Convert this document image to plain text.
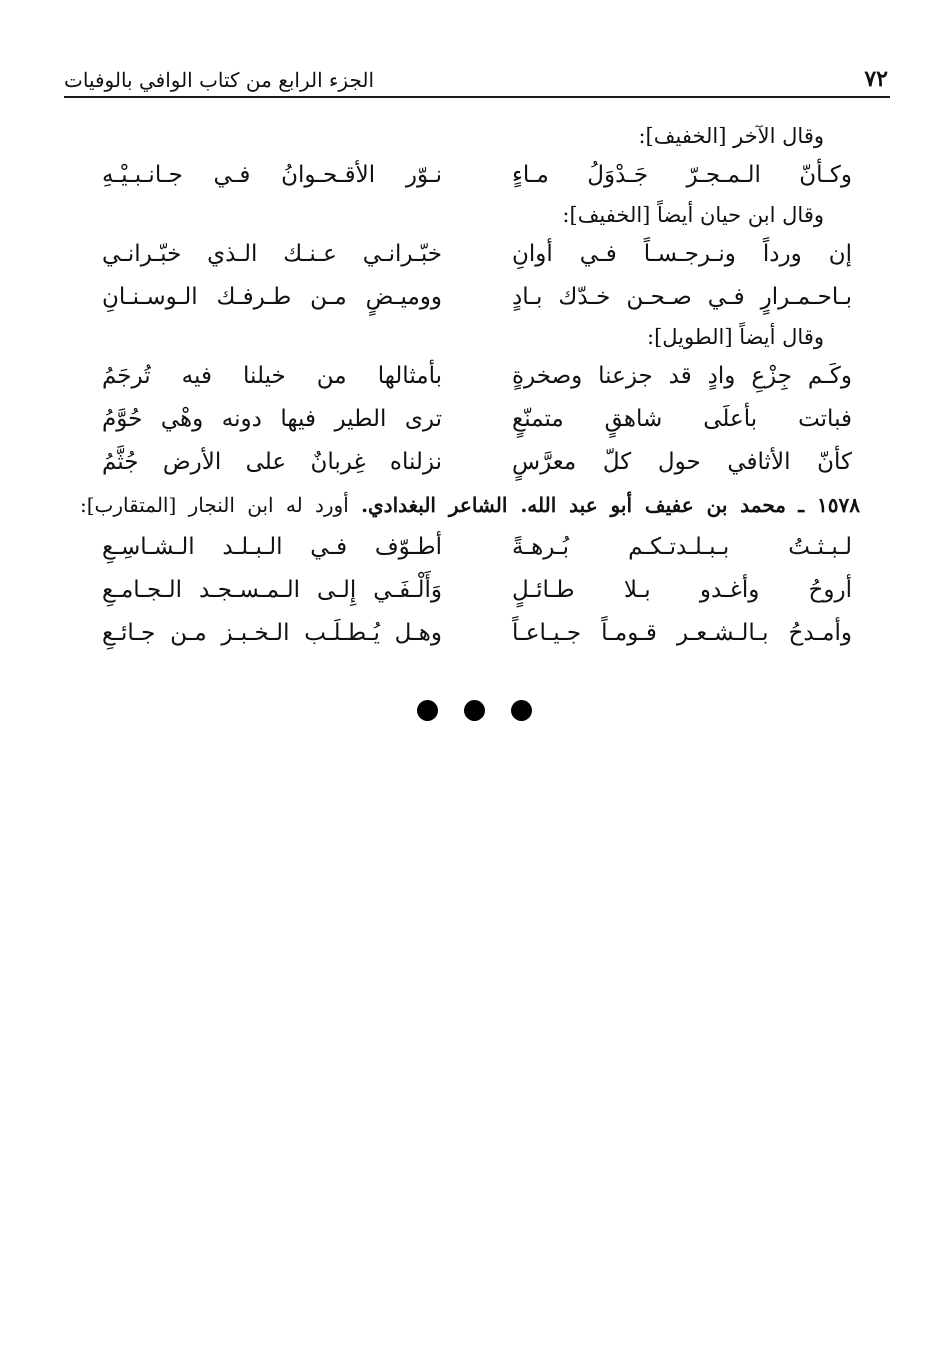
٧٢
الجزء الرابع من كتاب الوافي بالوفيات
وقال الآخر [الخفيف]:
وكـأنّ الـمـجـرّ جَـدْوَلُ مـاءٍ
نـوّر الأقـحـوانُ فـي جـانـبـيْـهِ
وقال ابن حيان أيضاً [الخفيف]:
إن ورداً ونـرجـسـاً فـي أوانِ
خبّـرانـي عـنـك الـذي خبّـرانـي
بـاحـمـرارٍ فـي صـحـن خـدّك بـادٍ
ووميـضٍ مـن طـرفـك الـوسـنـانِ
وقال أيضاً [الطويل]:
وكَـم جِزْعِ وادٍ قد جزعنا وصخرةٍ
بأمثالها من خيلنا فيه تُرجَمُ
فباتت بأعلَى شاهقٍ متمنّعٍ
ترى الطير فيها دونه وهْي حُوَّمُ
كأنّ الأثافي حول كلّ معرَّسٍ
نزلناه غِربانٌ على الأرض جُثَّمُ
١٥٧٨ ـ محمد بن عفيف أبو عبد الله. الشاعر البغدادي. أورد له ابن النجار [المتقارب]:
لـبـثـتُ بـبـلـدتـكـم بُـرهـةً
أطـوّف فـي الـبـلـد الـشـاسِـعِ
أروحُ وأغـدو بـلا طـائـلٍ
وَأَلْـفَـي إِلـى الـمـسـجـد الـجـامـعِ
وأمـدحُ بـالـشـعـر قـومـاً جـيـاعـاً
وهـل يُـطـلَـب الـخـبـز مـن جـائـعِ
